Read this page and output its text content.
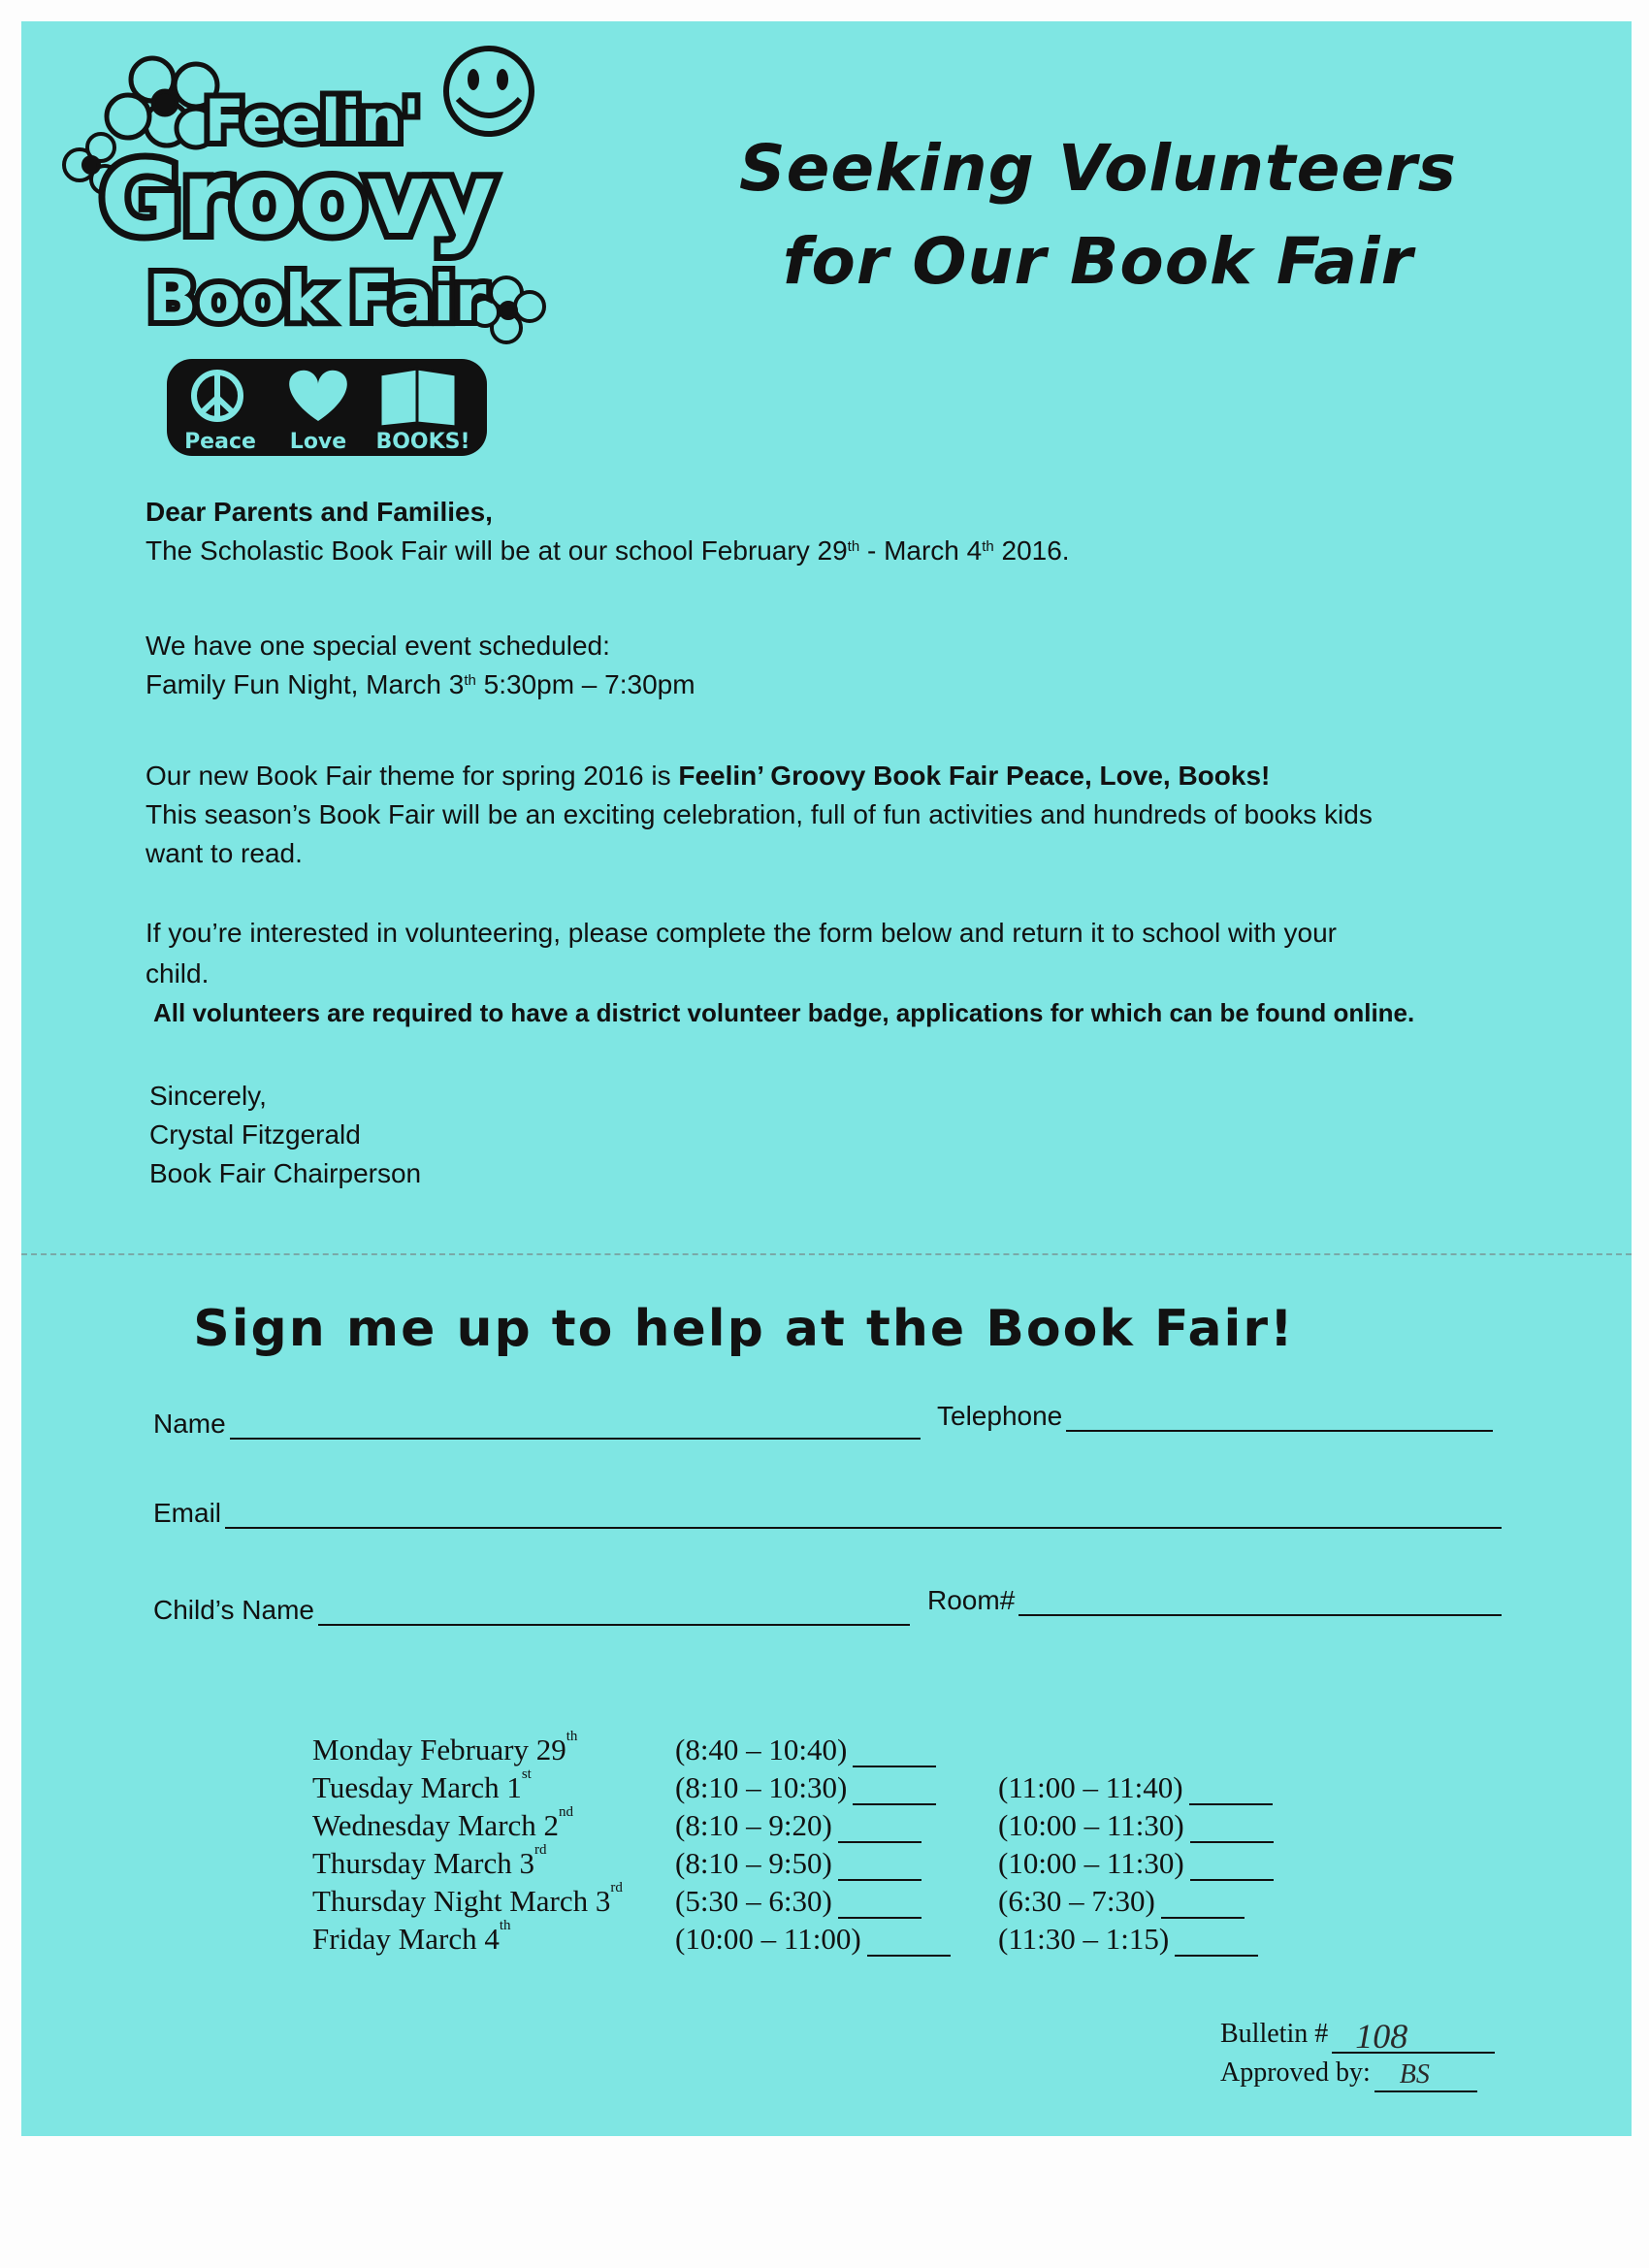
Feelin'
Groovy
Book Fair
Peace Love BOOKS!
Seeking Volunteers
for Our Book Fair

Dear Parents and Families,

The Scholastic Book Fair will be at our school February 29th - March 4th 2016.

We have one special event scheduled:

Family Fun Night, March 3th 5:30pm – 7:30pm

Our new Book Fair theme for spring 2016 is Feelin’ Groovy Book Fair Peace, Love, Books!

This season’s Book Fair will be an exciting celebration, full of fun activities and hundreds of books kids

want to read.

If you’re interested in volunteering, please complete the form below and return it to school with your

child.

All volunteers are required to have a district volunteer badge, applications for which can be found online.

Sincerely,

Crystal Fitzgerald

Book Fair Chairperson

Sign me up to help at the Book Fair!
Name	Telephone
Email
Child’s Name	Room#
Monday February 29th	(8:40 – 10:40)
Tuesday March 1st	(8:10 – 10:30)	(11:00 – 11:40)
Wednesday March 2nd	(8:10 – 9:20)	(10:00 – 11:30)
Thursday March 3rd	(8:10 – 9:50)	(10:00 – 11:30)
Thursday Night March 3rd	(5:30 – 6:30)	(6:30 – 7:30)
Friday March 4th	(10:00 – 11:00)	(11:30 – 1:15)
Bulletin # 108
Approved by: BS
